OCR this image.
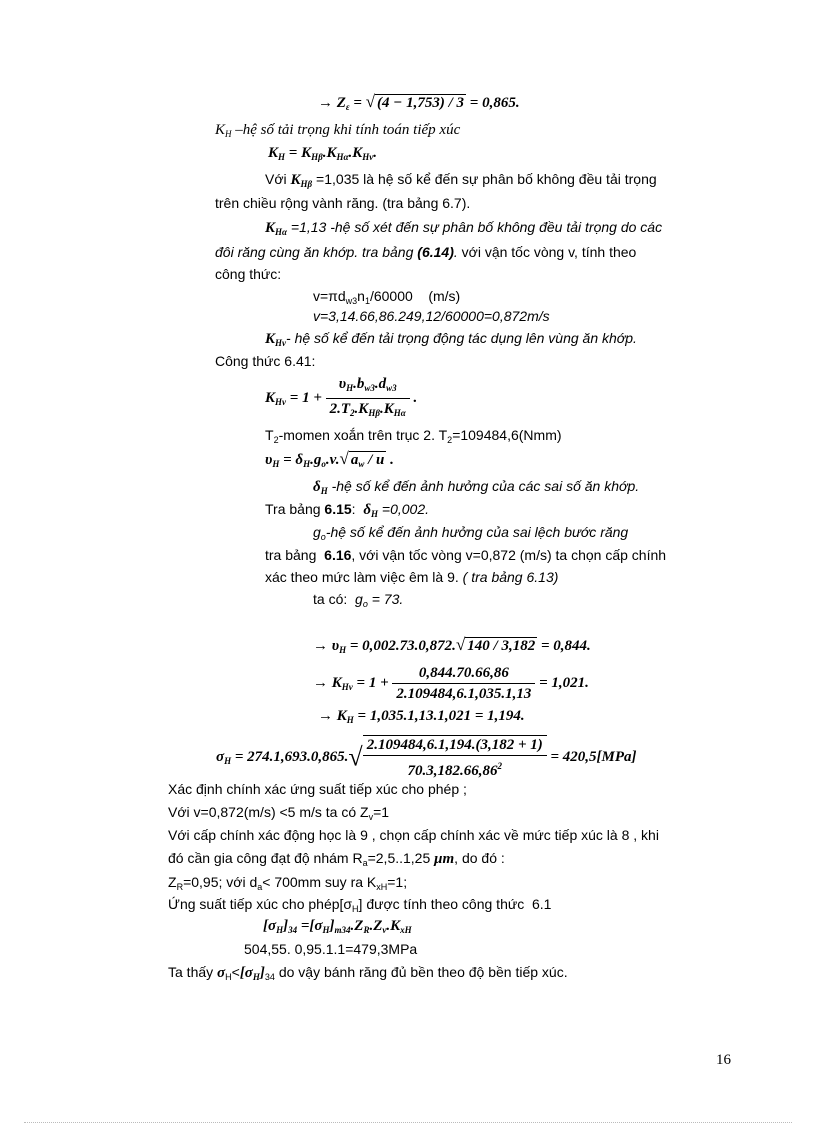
→ $Z_\varepsilon$ = √ (4 − 1,753) / 3 = 0,865.
$K_H$ –hệ số tải trọng khi tính toán tiếp xúc
$K_H = K_{H\beta}.K_{H\alpha}.K_{Hv}$.
Với $K_{H\beta} =1,035$ là hệ số kể đến sự phân bố không đều tải trọng
trên chiều rộng vành răng. (tra bảng 6.7).
$K_{H\alpha} =1,13$ -hệ số xét đến sự phân bố không đều tải trọng do các
đôi răng cùng ăn khớp. tra bảng (6.14). với vận tốc vòng v, tính theo
công thức:
$v=\pi d_{w3}n_1/60000$    (m/s)
v=3,14.66,86.249,12/60000=0,872m/s
$K_{Hv}-$ hệ số kể đến tải trọng động tác dụng lên vùng ăn khớp.
Công thức 6.41:
$K_{Hv} = 1 + \frac{\upsilon_H.b_{w3}.d_{w3}}{2.T_2.K_{H\beta}.K_{H\alpha}}$ .
$T_2$-momen xoắn trên trục 2. $T_2=109484,6(Nmm)$
$\upsilon_H = \delta_H.g_o.v.√$ $a_w$ / u .
$\delta_H$ -hệ số kể đến ảnh hưởng của các sai số ăn khớp.
Tra bảng 6.15:  $\delta_H =0,002$.
$g_o-hệ$ số kể đến ảnh hưởng của sai lệch bước răng
tra bảng  6.16, với vận tốc vòng v=0,872 (m/s) ta chọn cấp chính
xác theo mức làm việc êm là 9. ( tra bảng 6.13)
ta có:  $g_o = 73$.
→ $\upsilon_H = 0,002.73.0,872.√$ 140 / 3,182 = 0,844.
→ $K_{Hv} = 1 + \frac{0,844.70.66,86}{2.109484,6.1,035.1,13} = 1,021$.
→ $K_H = 1,035.1,13.1,021 = 1,194$.
$\sigma_H = 274.1,693.0,865.√ \frac{2.109484,6.1,194.(3,182 + 1)}{70.3,182.66,86^2} = 420,5[MPa]$
Xác định chính xác ứng suất tiếp xúc cho phép ;
Với v=0,872(m/s) <5 m/s ta có $Z_v=1$
Với cấp chính xác động học là 9 , chọn cấp chính xác về mức tiếp xúc là 8 , khi
đó cần gia công đạt độ nhám $R_a=2,5..1,25$ μm, do đó :
$Z_R=0,95$; với $d_a< 700mm$ suy ra $K_{xH}=1$;
Ứng suất tiếp xúc cho $phép[\sigma_H]$ được tính theo công thức  6.1
$[\sigma_H]_{34} =[\sigma_H]_{m34}.Z_R.Z_v.K_{xH}$
504,55. 0,95.1.1=479,3MPa
Ta thấy $\sigma_H<[\sigma_H]_{34}$ do vậy bánh răng đủ bền theo độ bền tiếp xúc.
16
